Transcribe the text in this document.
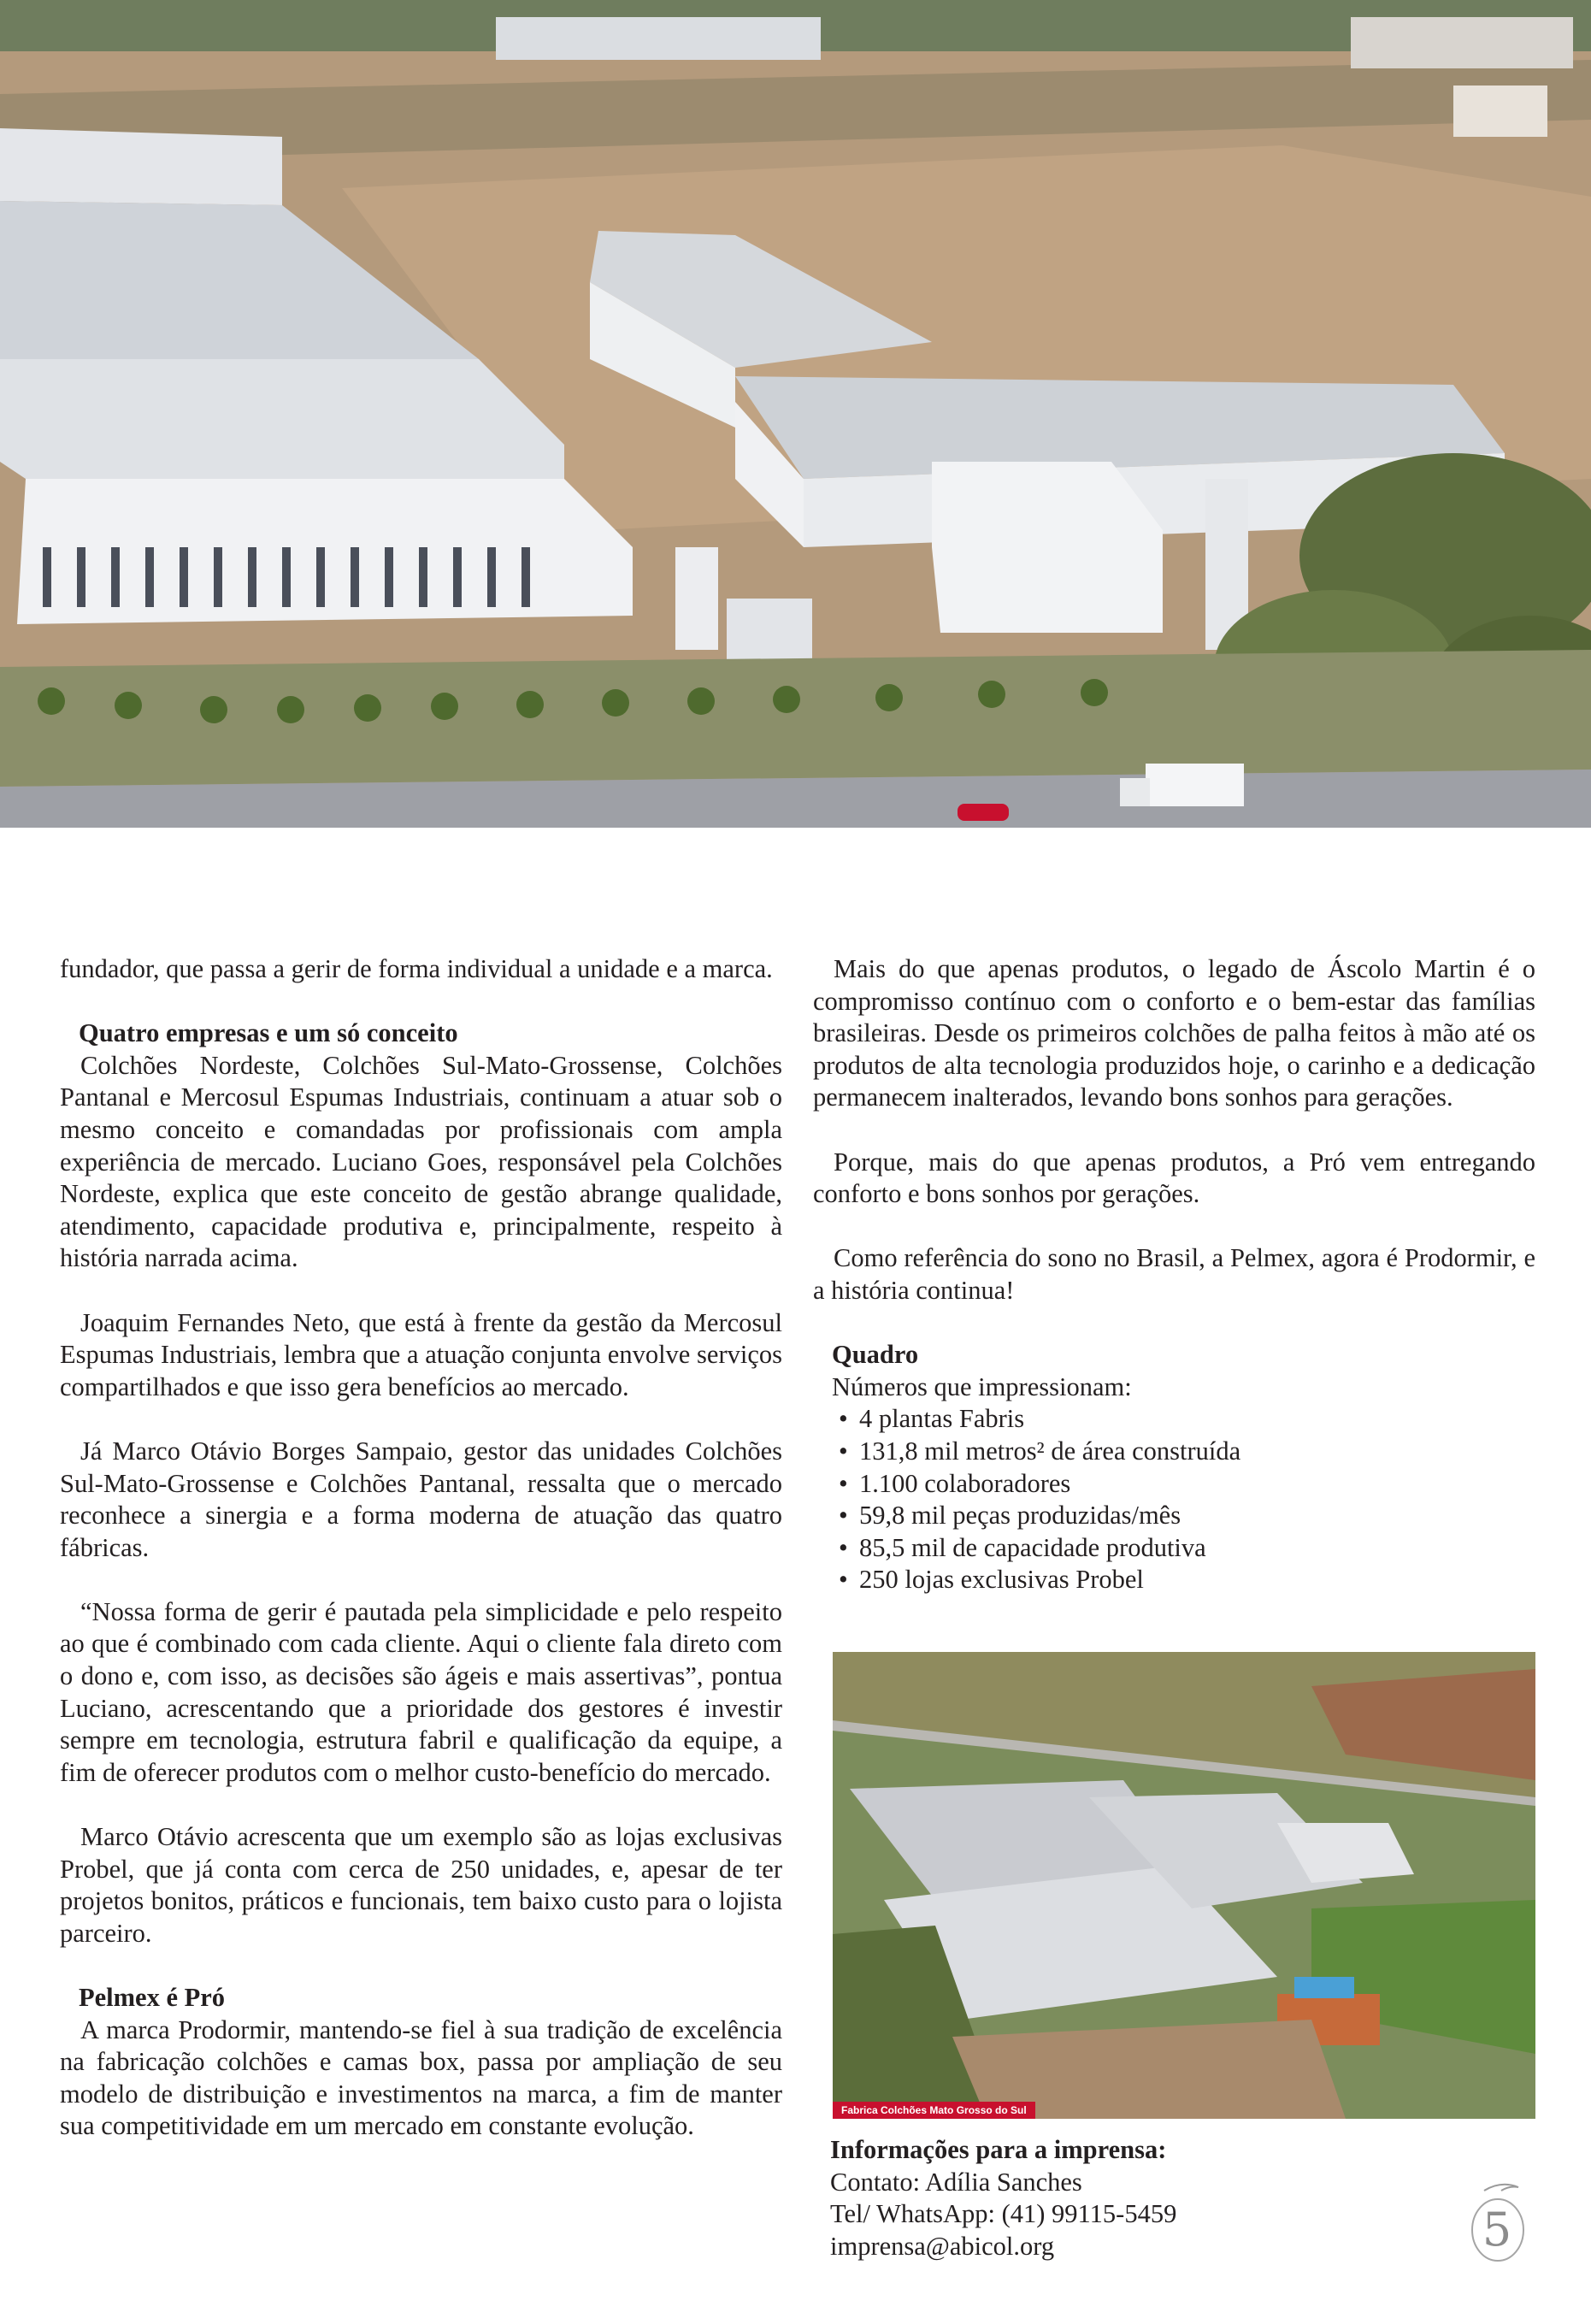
fundador, que passa a gerir de forma individual a unidade e a marca.

Quatro empresas e um só conceito

Colchões Nordeste, Colchões Sul-Mato-Grossense, Colchões Pantanal e Mercosul Espumas Industriais, continuam a atuar sob o mesmo conceito e comandadas por profissionais com ampla experiência de mercado. Luciano Goes, responsável pela Colchões Nordeste, explica que este conceito de gestão abrange qualidade, atendimento, capacidade produtiva e, principalmente, respeito à história narrada acima.

Joaquim Fernandes Neto, que está à frente da gestão da Mercosul Espumas Industriais, lembra que a atuação conjunta envolve serviços compartilhados e que isso gera benefícios ao mercado.

Já Marco Otávio Borges Sampaio, gestor das unidades Colchões Sul-Mato-Grossense e Colchões Pantanal, ressalta que o mercado reconhece a sinergia e a forma moderna de atuação das quatro fábricas.

“Nossa forma de gerir é pautada pela simplicidade e pelo respeito ao que é combinado com cada cliente. Aqui o cliente fala direto com o dono e, com isso, as decisões são ágeis e mais assertivas”, pontua Luciano, acrescentando que a prioridade dos gestores é investir sempre em tecnologia, estrutura fabril e qualificação da equipe, a fim de oferecer produtos com o melhor custo-benefício do mercado.

Marco Otávio acrescenta que um exemplo são as lojas exclusivas Probel, que já conta com cerca de 250 unidades, e, apesar de ter projetos bonitos, práticos e funcionais, tem baixo custo para o lojista parceiro.

Pelmex é Pró

A marca Prodormir, mantendo-se fiel à sua tradição de excelência na fabricação colchões e camas box, passa por ampliação de seu modelo de distribuição e investimentos na marca, a fim de manter sua competitividade em um mercado em constante evolução.

Mais do que apenas produtos, o legado de Áscolo Martin é o compromisso contínuo com o conforto e o bem-estar das famílias brasileiras. Desde os primeiros colchões de palha feitos à mão até os produtos de alta tecnologia produzidos hoje, o carinho e a dedicação permanecem inalterados, levando bons sonhos para gerações.

Porque, mais do que apenas produtos, a Pró vem entregando conforto e bons sonhos por gerações.

Como referência do sono no Brasil, a Pelmex, agora é Prodormir, e a história continua!

Quadro

Números que impressionam:

• 4 plantas Fabris
• 131,8 mil metros² de área construída
• 1.100 colaboradores
• 59,8 mil peças produzidas/mês
• 85,5 mil de capacidade produtiva
• 250 lojas exclusivas Probel
Fabrica Colchões Mato Grosso do Sul

Informações para a imprensa:

Contato: Adília Sanches

Tel/ WhatsApp: (41) 99115-5459

imprensa@abicol.org	5
